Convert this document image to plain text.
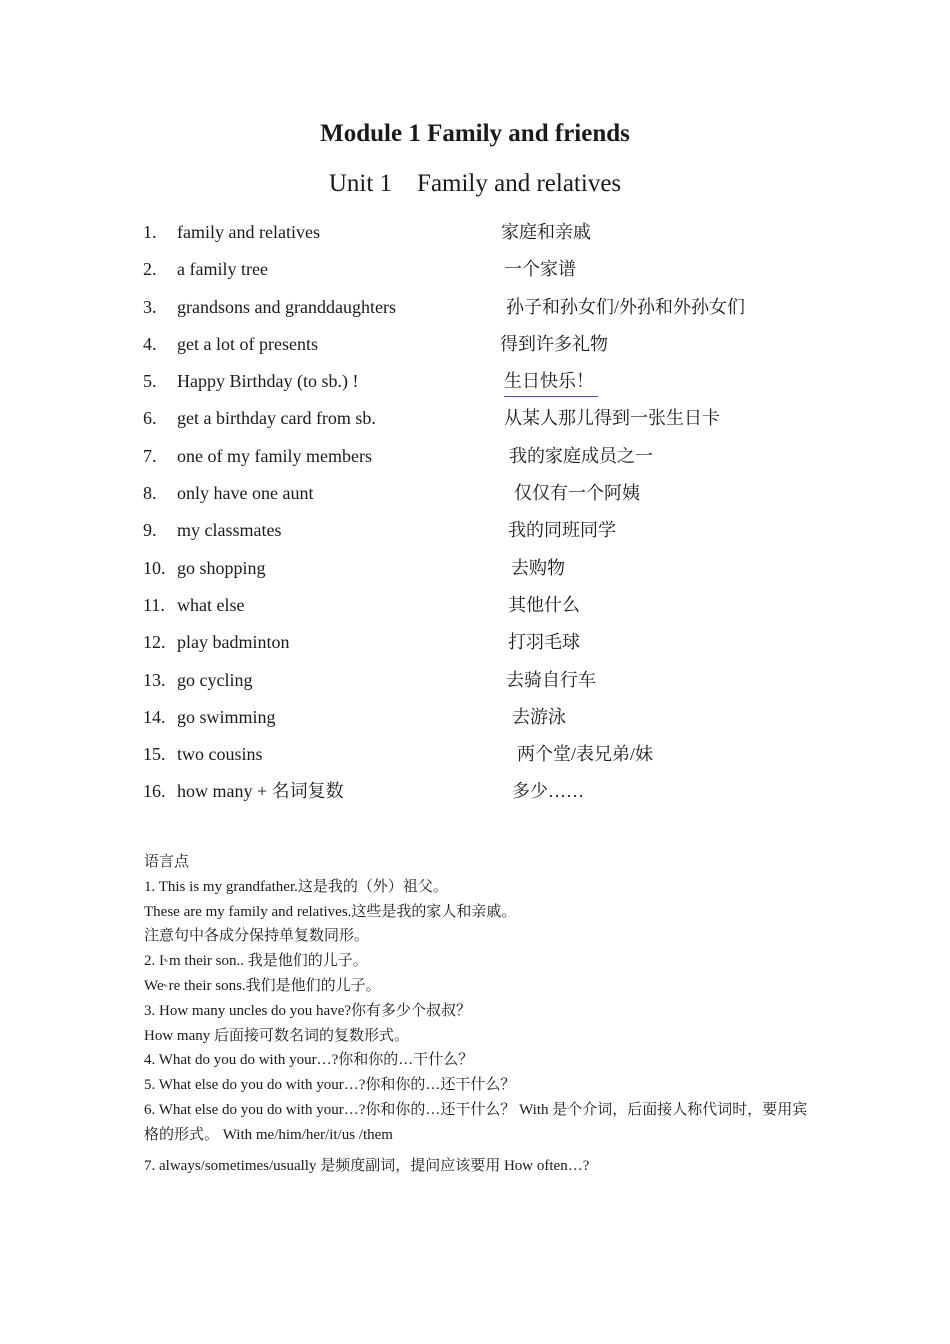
Module 1 Family and friends
Unit 1    Family and relatives
1. family and relatives	家庭和亲戚
2. a family tree	一个家谱
3. grandsons and granddaughters	孙子和孙女们/外孙和外孙女们
4. get a lot of presents	得到许多礼物
5. Happy Birthday (to sb.) !	生日快乐！
6. get a birthday card from sb.	从某人那儿得到一张生日卡
7. one of my family members	我的家庭成员之一
8. only have one aunt	仅仅有一个阿姨
9. my classmates	我的同班同学
10. go shopping	去购物
11. what else	其他什么
12. play badminton	打羽毛球
13. go cycling	去骑自行车
14. go swimming	去游泳
15. two cousins	两个堂/表兄弟/妹
16. how many + 名词复数	多少……
语言点
1. This is my grandfather.这是我的（外）祖父。
These are my family and relatives.这些是我的家人和亲戚。
注意句中各成分保持单复数同形。
2. I˞m their son.. 我是他们的儿子。
We˞re their sons.我们是他们的儿子。
3. How many uncles do you have?你有多少个叔叔？
How many 后面接可数名词的复数形式。
4. What do you do with your…?你和你的…干什么？
5. What else do you do with your…?你和你的…还干什么？
6. What else do you do with your…?你和你的…还干什么？ With 是个介词，后面接人称代词时，要用宾格的形式。 With me/him/her/it/us /them
7. always/sometimes/usually 是频度副词，提问应该要用 How often…?
